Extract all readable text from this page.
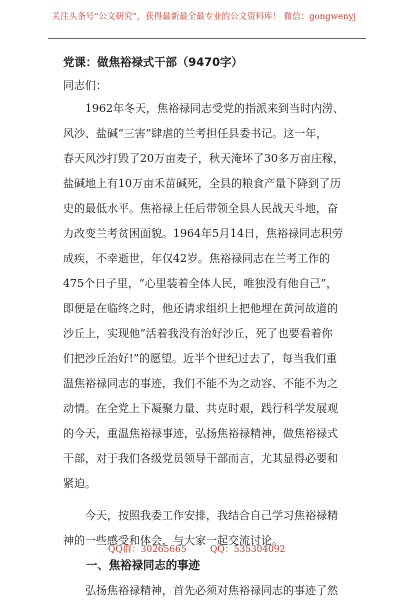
关注头条号“公文研究”，获得最新最全最专业的公文资料库！ 微信：gongwenyj
党课：做焦裕禄式干部（9470字）
同志们：
　　1962年冬天，焦裕禄同志受党的指派来到当时内涝、
风沙、盐碱“三害”肆虐的兰考担任县委书记。这一年，
春天风沙打毁了20万亩麦子，秋天淹坏了30多万亩庄稼，
盐碱地上有10万亩禾苗碱死，全县的粮食产量下降到了历
史的最低水平。焦裕禄上任后带领全县人民战天斗地，奋
力改变兰考贫困面貌。1964年5月14日，焦裕禄同志积劳
成疾，不幸逝世，年仅42岁。焦裕禄同志在兰考工作的
475个日子里，“心里装着全体人民，唯独没有他自己”，
即便是在临终之时，他还请求组织上把他埋在黄河故道的
沙丘上，实现他“活着我没有治好沙丘，死了也要看着你
们把沙丘治好!”的愿望。近半个世纪过去了，每当我们重
温焦裕禄同志的事迹，我们不能不为之动容、不能不为之
动情。在全党上下凝聚力量、共克时艰，践行科学发展观
的今天，重温焦裕禄事迹，弘扬焦裕禄精神，做焦裕禄式
干部，对于我们各级党员领导干部而言，尤其显得必要和
紧迫。
　　今天，按照我委工作安排，我结合自己学习焦裕禄精
神的一些感受和体会，与大家一起交流讨论。
一、焦裕禄同志的事迹
　　弘扬焦裕禄精神，首先必须对焦裕禄同志的事迹了然
QQ群：30265665	QQ：535304092
